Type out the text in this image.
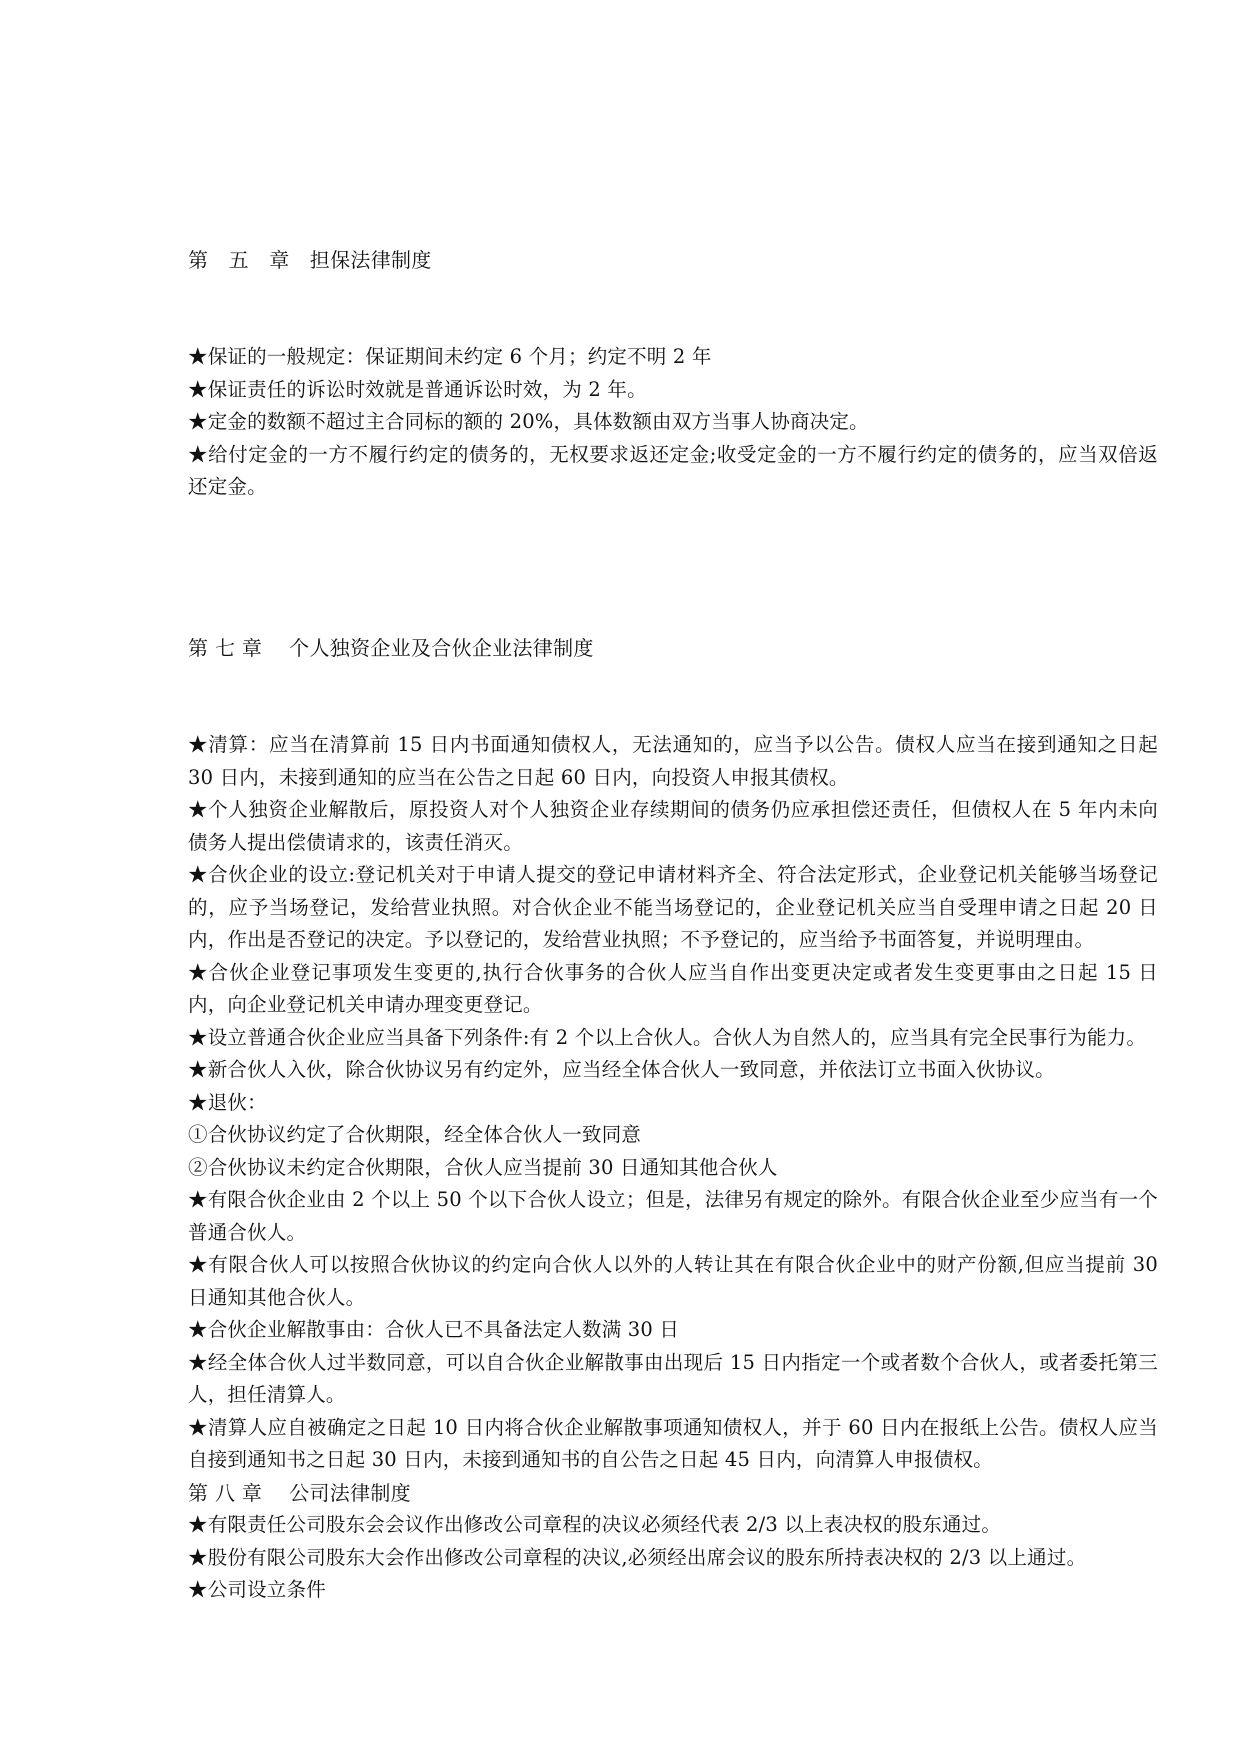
第　五　章　担保法律制度

★保证的一般规定：保证期间未约定 6 个月；约定不明 2 年

★保证责任的诉讼时效就是普通诉讼时效，为 2 年。

★定金的数额不超过主合同标的额的 20%，具体数额由双方当事人协商决定。

★给付定金的一方不履行约定的债务的，无权要求返还定金;收受定金的一方不履行约定的债务的，应当双倍返还定金。

第 七 章　 个人独资企业及合伙企业法律制度

★清算：应当在清算前 15 日内书面通知债权人，无法通知的，应当予以公告。债权人应当在接到通知之日起 30 日内，未接到通知的应当在公告之日起 60 日内，向投资人申报其债权。

★个人独资企业解散后，原投资人对个人独资企业存续期间的债务仍应承担偿还责任，但债权人在 5 年内未向债务人提出偿债请求的，该责任消灭。

★合伙企业的设立:登记机关对于申请人提交的登记申请材料齐全、符合法定形式，企业登记机关能够当场登记的，应予当场登记，发给营业执照。对合伙企业不能当场登记的，企业登记机关应当自受理申请之日起 20 日内，作出是否登记的决定。予以登记的，发给营业执照；不予登记的，应当给予书面答复，并说明理由。

★合伙企业登记事项发生变更的,执行合伙事务的合伙人应当自作出变更决定或者发生变更事由之日起 15 日内，向企业登记机关申请办理变更登记。

★设立普通合伙企业应当具备下列条件:有 2 个以上合伙人。合伙人为自然人的，应当具有完全民事行为能力。

★新合伙人入伙，除合伙协议另有约定外，应当经全体合伙人一致同意，并依法订立书面入伙协议。

★退伙：

①合伙协议约定了合伙期限，经全体合伙人一致同意

②合伙协议未约定合伙期限，合伙人应当提前 30 日通知其他合伙人

★有限合伙企业由 2 个以上 50 个以下合伙人设立；但是，法律另有规定的除外。有限合伙企业至少应当有一个普通合伙人。

★有限合伙人可以按照合伙协议的约定向合伙人以外的人转让其在有限合伙企业中的财产份额,但应当提前 30 日通知其他合伙人。

★合伙企业解散事由：合伙人已不具备法定人数满 30 日

★经全体合伙人过半数同意，可以自合伙企业解散事由出现后 15 日内指定一个或者数个合伙人，或者委托第三人，担任清算人。

★清算人应自被确定之日起 10 日内将合伙企业解散事项通知债权人，并于 60 日内在报纸上公告。债权人应当自接到通知书之日起 30 日内，未接到通知书的自公告之日起 45 日内，向清算人申报债权。

第 八 章　 公司法律制度

★有限责任公司股东会会议作出修改公司章程的决议必须经代表 2/3 以上表决权的股东通过。

★股份有限公司股东大会作出修改公司章程的决议,必须经出席会议的股东所持表决权的 2/3 以上通过。

★公司设立条件
